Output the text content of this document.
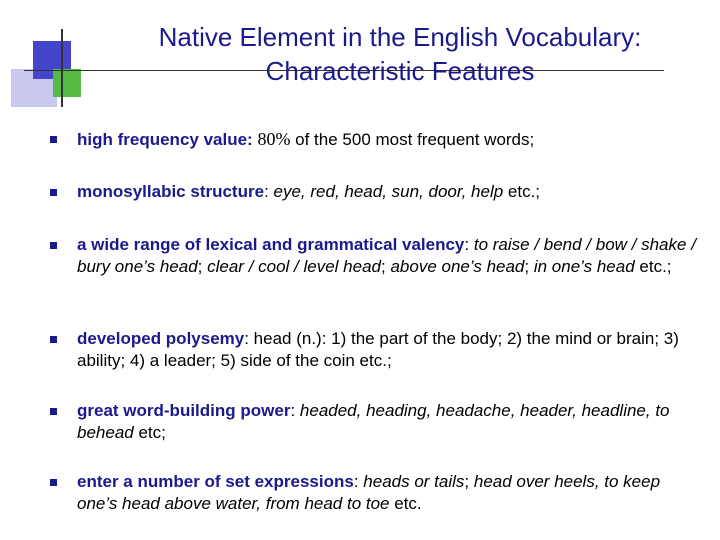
Native Element in the English Vocabulary:
Characteristic Features
high frequency value: 80% of the 500 most frequent words;
monosyllabic structure: eye, red, head, sun, door, help etc.;
a wide range of lexical and grammatical valency: to raise / bend / bow / shake / bury one’s head; clear / cool / level head; above one’s head; in one’s head etc.;
developed polysemy: head (n.): 1) the part of the body; 2) the mind or brain; 3) ability; 4) a leader; 5) side of the coin etc.;
great word-building power: headed, heading, headache, header, headline, to behead etc;
enter a number of set expressions: heads or tails; head over heels, to keep one’s head above water, from head to toe etc.
